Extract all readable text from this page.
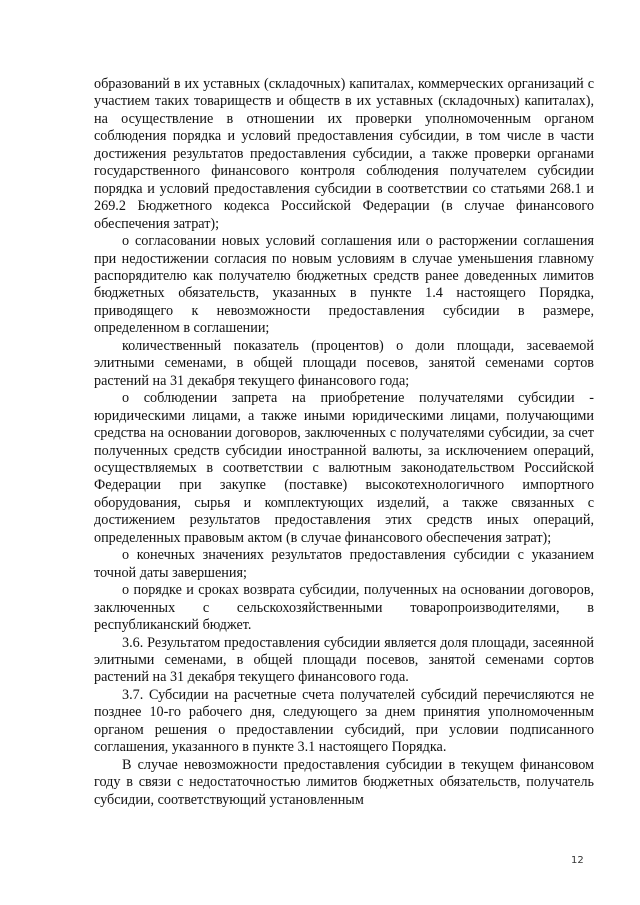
образований в их уставных (складочных) капиталах, коммерческих организаций с участием таких товариществ и обществ в их уставных (складочных) капиталах), на осуществление в отношении их проверки уполномоченным органом соблюдения порядка и условий предоставления субсидии, в том числе в части достижения результатов предоставления субсидии, а также проверки органами государственного финансового контроля соблюдения получателем субсидии порядка и условий предоставления субсидии в соответствии со статьями 268.1 и 269.2 Бюджетного кодекса Российской Федерации (в случае финансового обеспечения затрат);

о согласовании новых условий соглашения или о расторжении соглашения при недостижении согласия по новым условиям в случае уменьшения главному распорядителю как получателю бюджетных средств ранее доведенных лимитов бюджетных обязательств, указанных в пункте 1.4 настоящего Порядка, приводящего к невозможности предоставления субсидии в размере, определенном в соглашении;

количественный показатель (процентов) о доли площади, засеваемой элитными семенами, в общей площади посевов, занятой семенами сортов растений на 31 декабря текущего финансового года;

о соблюдении запрета на приобретение получателями субсидии - юридическими лицами, а также иными юридическими лицами, получающими средства на основании договоров, заключенных с получателями субсидии, за счет полученных средств субсидии иностранной валюты, за исключением операций, осуществляемых в соответствии с валютным законодательством Российской Федерации при закупке (поставке) высокотехнологичного импортного оборудования, сырья и комплектующих изделий, а также связанных с достижением результатов предоставления этих средств иных операций, определенных правовым актом (в случае финансового обеспечения затрат);

о конечных значениях результатов предоставления субсидии с указанием точной даты завершения;

о порядке и сроках возврата субсидии, полученных на основании договоров, заключенных с сельскохозяйственными товаропроизводителями, в республиканский бюджет.

3.6. Результатом предоставления субсидии является доля площади, засеянной элитными семенами, в общей площади посевов, занятой семенами сортов растений на 31 декабря текущего финансового года.

3.7. Субсидии на расчетные счета получателей субсидий перечисляются не позднее 10-го рабочего дня, следующего за днем принятия уполномоченным органом решения о предоставлении субсидий, при условии подписанного соглашения, указанного в пункте 3.1 настоящего Порядка.

В случае невозможности предоставления субсидии в текущем финансовом году в связи с недостаточностью лимитов бюджетных обязательств, получатель субсидии, соответствующий установленным

12
